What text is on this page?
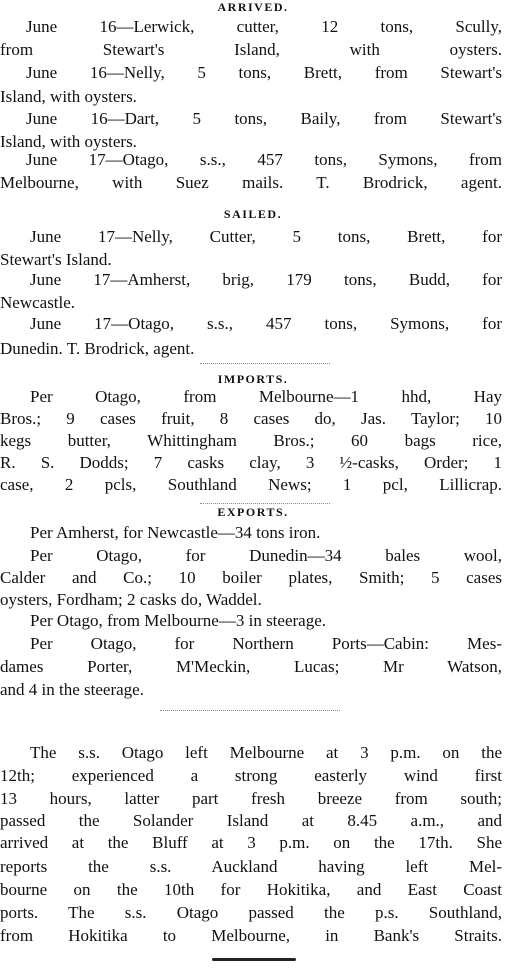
ARRIVED.
June 16—Lerwick, cutter, 12 tons, Scully,
from Stewart's Island, with oysters.
June 16—Nelly, 5 tons, Brett, from Stewart's
Island, with oysters.
June 16—Dart, 5 tons, Baily, from Stewart's
Island, with oysters.
June 17—Otago, s.s., 457 tons, Symons, from
Melbourne, with Suez mails. T. Brodrick, agent.
SAILED.
June 17—Nelly, Cutter, 5 tons, Brett, for
Stewart's Island.
June 17—Amherst, brig, 179 tons, Budd, for
Newcastle.
June 17—Otago, s.s., 457 tons, Symons, for
Dunedin. T. Brodrick, agent.
IMPORTS.
Per Otago, from Melbourne—1 hhd, Hay
Bros.; 9 cases fruit, 8 cases do, Jas. Taylor; 10
kegs butter, Whittingham Bros.; 60 bags rice,
R. S. Dodds; 7 casks clay, 3 ½-casks, Order; 1
case, 2 pcls, Southland News; 1 pcl, Lillicrap.
EXPORTS.
Per Amherst, for Newcastle—34 tons iron.
Per Otago, for Dunedin—34 bales wool,
Calder and Co.; 10 boiler plates, Smith; 5 cases
oysters, Fordham; 2 casks do, Waddel.
Per Otago, from Melbourne—3 in steerage.
Per Otago, for Northern Ports—Cabin: Mes-
dames Porter, M'Meckin, Lucas; Mr Watson,
and 4 in the steerage.
The s.s. Otago left Melbourne at 3 p.m. on the
12th; experienced a strong easterly wind first
13 hours, latter part fresh breeze from south;
passed the Solander Island at 8.45 a.m., and
arrived at the Bluff at 3 p.m. on the 17th. She
reports the s.s. Auckland having left Mel-
bourne on the 10th for Hokitika, and East Coast
ports. The s.s. Otago passed the p.s. Southland,
from Hokitika to Melbourne, in Bank's Straits.
